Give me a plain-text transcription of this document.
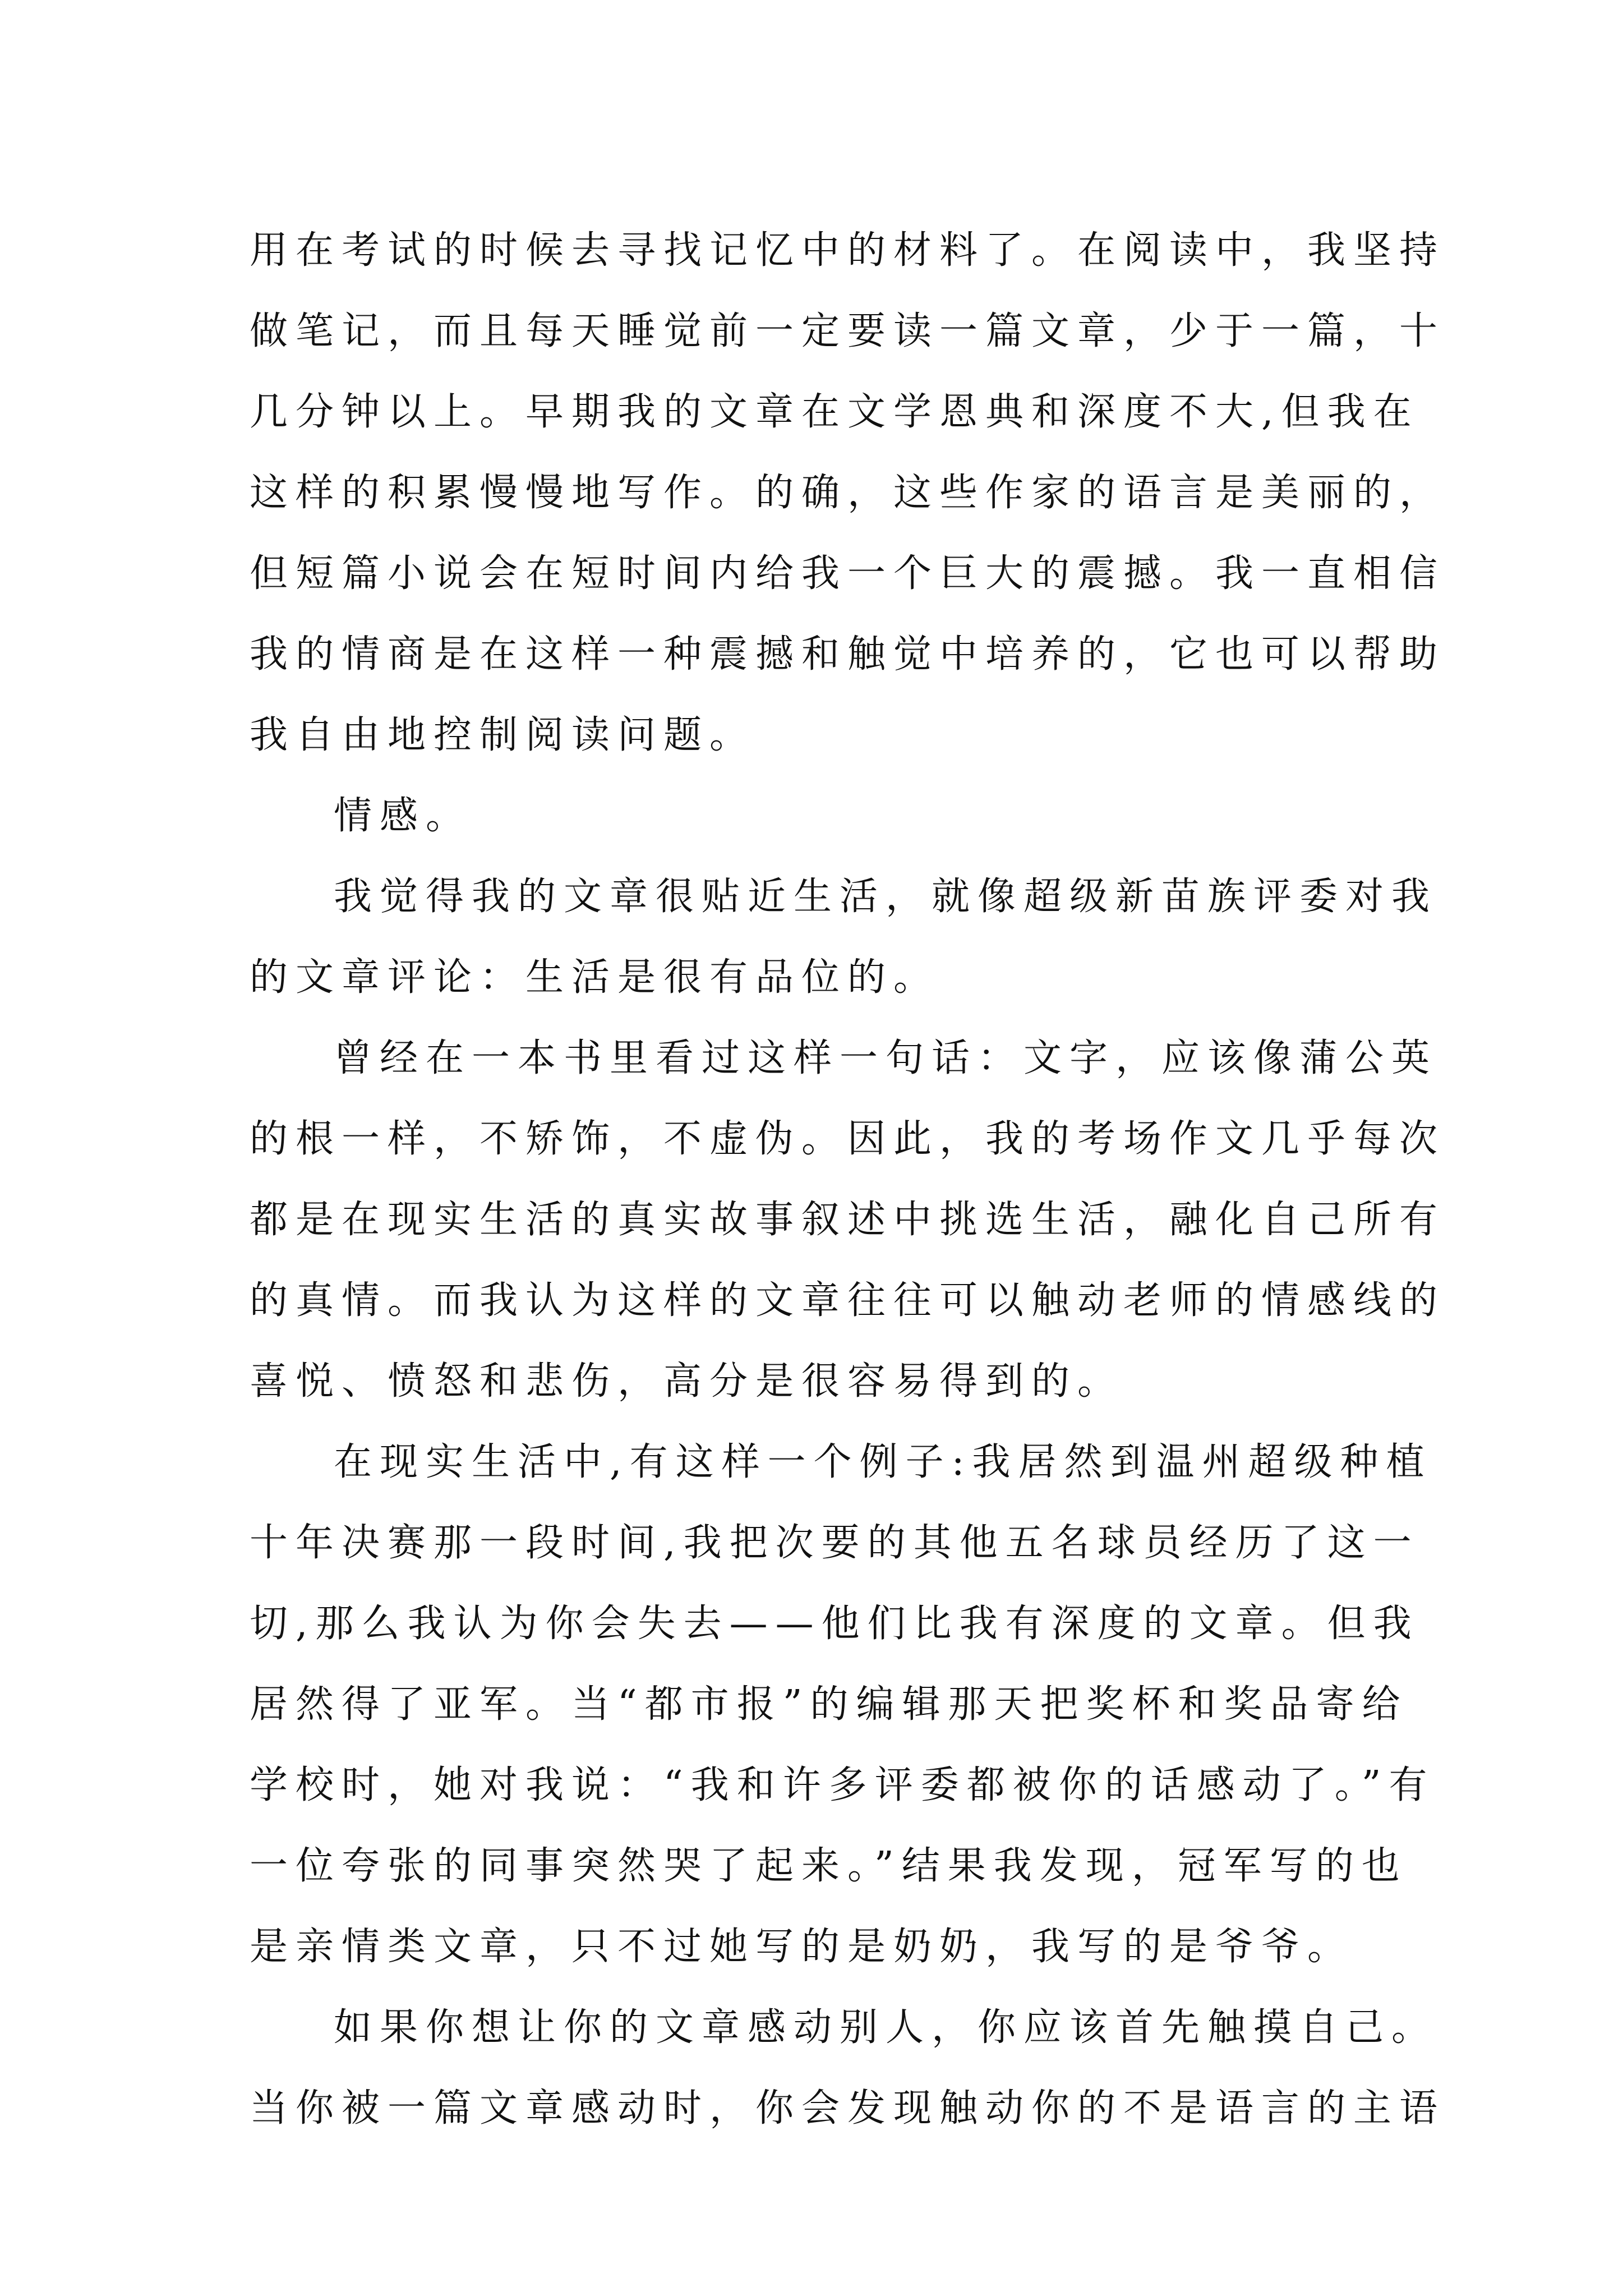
用在考试的时候去寻找记忆中的材料了。在阅读中，我坚持
做笔记，而且每天睡觉前一定要读一篇文章，少于一篇，十
几分钟以上。早期我的文章在文学恩典和深度不大,但我在
这样的积累慢慢地写作。的确，这些作家的语言是美丽的，
但短篇小说会在短时间内给我一个巨大的震撼。我一直相信
我的情商是在这样一种震撼和触觉中培养的，它也可以帮助
我自由地控制阅读问题。
情感。
我觉得我的文章很贴近生活，就像超级新苗族评委对我
的文章评论：生活是很有品位的。
曾经在一本书里看过这样一句话：文字，应该像蒲公英
的根一样，不矫饰，不虚伪。因此，我的考场作文几乎每次
都是在现实生活的真实故事叙述中挑选生活，融化自己所有
的真情。而我认为这样的文章往往可以触动老师的情感线的
喜悦、愤怒和悲伤，高分是很容易得到的。
在现实生活中,有这样一个例子:我居然到温州超级种植
十年决赛那一段时间,我把次要的其他五名球员经历了这一
切,那么我认为你会失去——他们比我有深度的文章。但我
居然得了亚军。当“都市报”的编辑那天把奖杯和奖品寄给
学校时，她对我说：“我和许多评委都被你的话感动了。”有
一位夸张的同事突然哭了起来。”结果我发现，冠军写的也
是亲情类文章，只不过她写的是奶奶，我写的是爷爷。
如果你想让你的文章感动别人，你应该首先触摸自己。
当你被一篇文章感动时，你会发现触动你的不是语言的主语
